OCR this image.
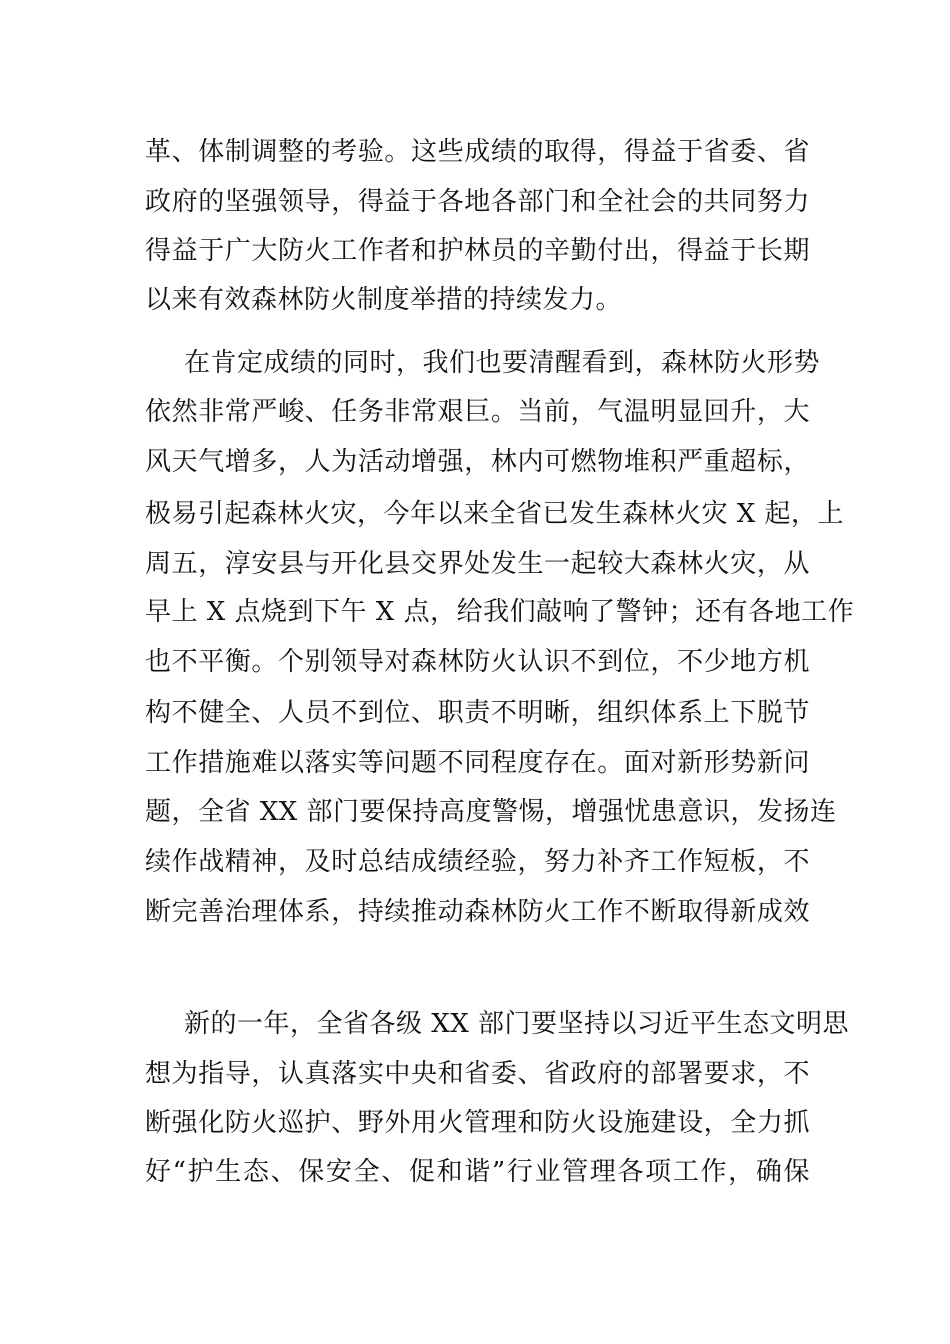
革、体制调整的考验。这些成绩的取得，得益于省委、省
政府的坚强领导，得益于各地各部门和全社会的共同努力
得益于广大防火工作者和护林员的辛勤付出，得益于长期
以来有效森林防火制度举措的持续发力。
在肯定成绩的同时，我们也要清醒看到，森林防火形势
依然非常严峻、任务非常艰巨。当前，气温明显回升，大
风天气增多，人为活动增强，林内可燃物堆积严重超标，
极易引起森林火灾，今年以来全省已发生森林火灾 X 起，上
周五，淳安县与开化县交界处发生一起较大森林火灾，从
早上 X 点烧到下午 X 点，给我们敲响了警钟；还有各地工作
也不平衡。个别领导对森林防火认识不到位，不少地方机
构不健全、人员不到位、职责不明晰，组织体系上下脱节
工作措施难以落实等问题不同程度存在。面对新形势新问
题，全省 XX 部门要保持高度警惕，增强忧患意识，发扬连
续作战精神，及时总结成绩经验，努力补齐工作短板，不
断完善治理体系，持续推动森林防火工作不断取得新成效
新的一年，全省各级 XX 部门要坚持以习近平生态文明思
想为指导，认真落实中央和省委、省政府的部署要求，不
断强化防火巡护、野外用火管理和防火设施建设，全力抓
好“护生态、保安全、促和谐”行业管理各项工作，确保
